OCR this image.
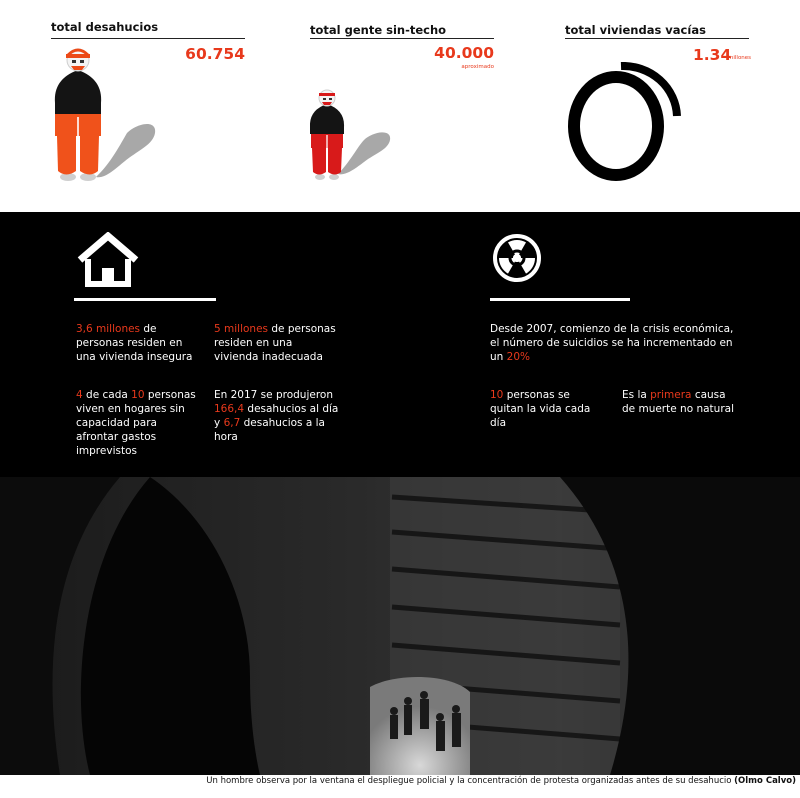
total desahucios
60.754
total gente sin-techo
40.000
aproximado
total viviendas vacías
1.34
millones
3,6 millones de personas residen en una vivienda insegura
5 millones de personas residen en una vivienda inadecuada
4 de cada 10 personas viven en hogares sin capacidad para afrontar gastos imprevistos
En 2017 se produjeron 166,4 desahucios al día y 6,7 desahucios a la hora
Desde 2007, comienzo de la crisis económica, el número de suicidios se ha incrementado en un 20%
10 personas se quitan la vida cada día
Es la primera causa de muerte no natural
Un hombre observa por la ventana el despliegue policial y la concentración de protesta organizadas antes de su desahucio (Olmo Calvo)
